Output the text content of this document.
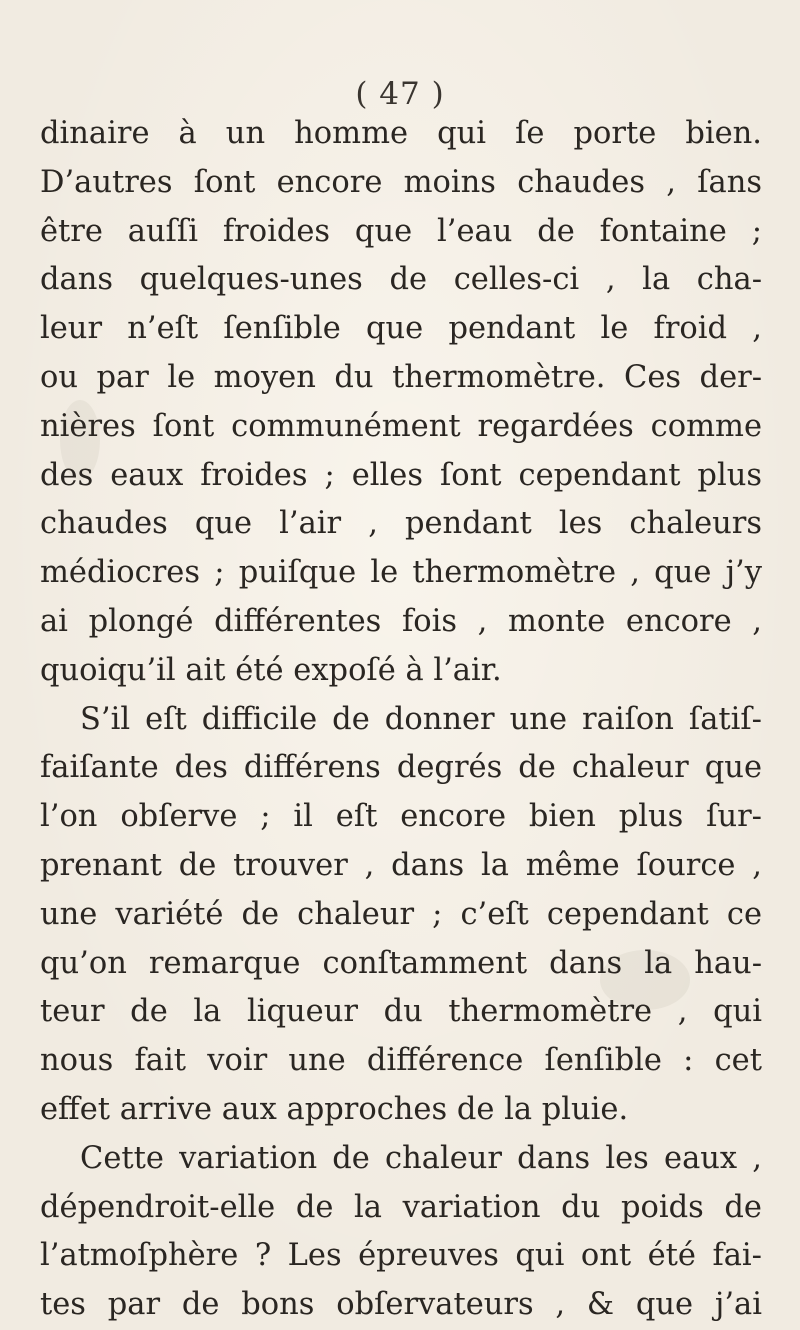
( 47 )
dinaire à un homme qui ſe porte bien.
D’autres ſont encore moins chaudes , ſans
être auſſi froides que l’eau de fontaine ;
dans quelques-unes de celles-ci , la cha-
leur n’eſt ſenſible que pendant le froid ,
ou par le moyen du thermomètre. Ces der-
nières ſont communément regardées comme
des eaux froides ; elles ſont cependant plus
chaudes que l’air , pendant les chaleurs
médiocres ; puiſque le thermomètre , que j’y
ai plongé différentes fois , monte encore ,
quoiqu’il ait été expoſé à l’air.
S’il eſt difficile de donner une raiſon ſatiſ-
faiſante des différens degrés de chaleur que
l’on obſerve ; il eſt encore bien plus ſur-
prenant de trouver , dans la même ſource ,
une variété de chaleur ; c’eſt cependant ce
qu’on remarque conſtamment dans la hau-
teur de la liqueur du thermomètre , qui
nous fait voir une différence ſenſible : cet
effet arrive aux approches de la pluie.
Cette variation de chaleur dans les eaux ,
dépendroit-elle de la variation du poids de
l’atmoſphère ? Les épreuves qui ont été fai-
tes par de bons obſervateurs , & que j’ai
